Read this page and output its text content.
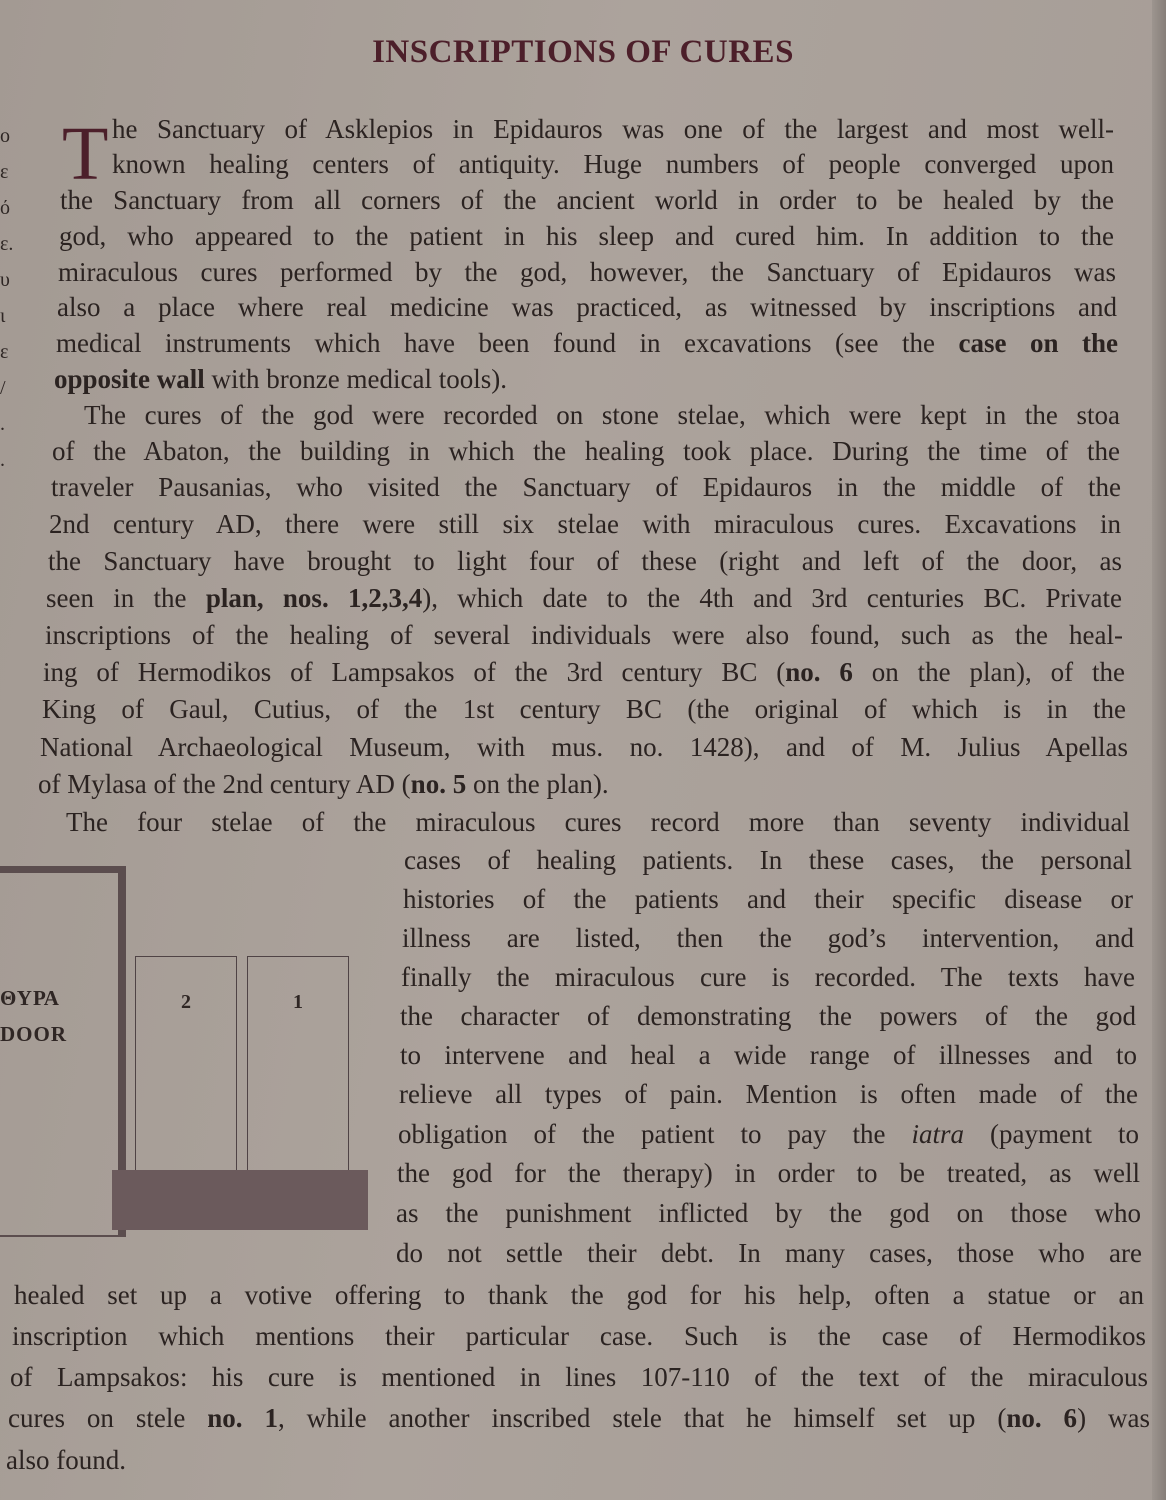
INSCRIPTIONS OF CURES
o
ε
ό
ε.
υ
ι
ε
/
.
.
T he Sanctuary of Asklepios in Epidauros was one of the largest and most well-
known healing centers of antiquity. Huge numbers of people converged upon
the Sanctuary from all corners of the ancient world in order to be healed by the
god, who appeared to the patient in his sleep and cured him. In addition to the
miraculous cures performed by the god, however, the Sanctuary of Epidauros was
also a place where real medicine was practiced, as witnessed by inscriptions and
medical instruments which have been found in excavations (see the case on the
opposite wall with bronze medical tools).
The cures of the god were recorded on stone stelae, which were kept in the stoa
of the Abaton, the building in which the healing took place. During the time of the
traveler Pausanias, who visited the Sanctuary of Epidauros in the middle of the
2nd century AD, there were still six stelae with miraculous cures. Excavations in
the Sanctuary have brought to light four of these (right and left of the door, as
seen in the plan, nos. 1,2,3,4), which date to the 4th and 3rd centuries BC. Private
inscriptions of the healing of several individuals were also found, such as the heal-
ing of Hermodikos of Lampsakos of the 3rd century BC (no. 6 on the plan), of the
King of Gaul, Cutius, of the 1st century BC (the original of which is in the
National Archaeological Museum, with mus. no. 1428), and of M. Julius Apellas
of Mylasa of the 2nd century AD (no. 5 on the plan).
The four stelae of the miraculous cures record more than seventy individual
cases of healing patients. In these cases, the personal
histories of the patients and their specific disease or
illness are listed, then the god’s intervention, and
finally the miraculous cure is recorded. The texts have
the character of demonstrating the powers of the god
to intervene and heal a wide range of illnesses and to
relieve all types of pain. Mention is often made of the
obligation of the patient to pay the iatra (payment to
the god for the therapy) in order to be treated, as well
as the punishment inflicted by the god on those who
do not settle their debt. In many cases, those who are
healed set up a votive offering to thank the god for his help, often a statue or an
inscription which mentions their particular case. Such is the case of Hermodikos
of Lampsakos: his cure is mentioned in lines 107-110 of the text of the miraculous
cures on stele no. 1, while another inscribed stele that he himself set up (no. 6) was
also found.
ΘΥΡΑ
DOOR
2	1
